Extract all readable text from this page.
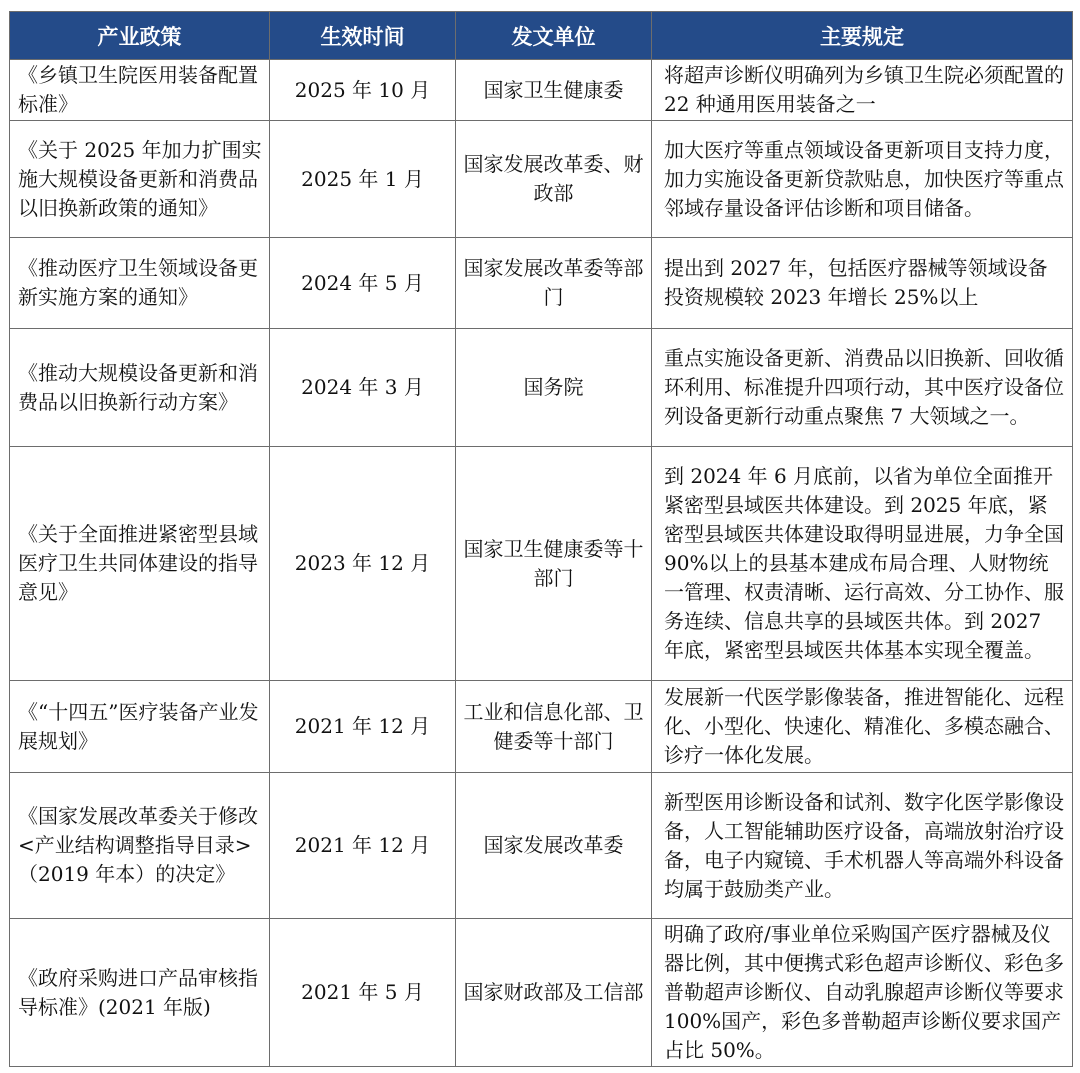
产业政策	生效时间	发文单位	主要规定
《乡镇卫生院医用装备配置标准》	2025 年 10 月	国家卫生健康委	将超声诊断仪明确列为乡镇卫生院必须配置的 22 种通用医用装备之一
《关于 2025 年加力扩围实施大规模设备更新和消费品以旧换新政策的通知》	2025 年 1 月	国家发展改革委、财政部	加大医疗等重点领域设备更新项目支持力度，加力实施设备更新贷款贴息，加快医疗等重点邻域存量设备评估诊断和项目储备。
《推动医疗卫生领域设备更新实施方案的通知》	2024 年 5 月	国家发展改革委等部门	提出到 2027 年，包括医疗器械等领域设备投资规模较 2023 年增长 25%以上
《推动大规模设备更新和消费品以旧换新行动方案》	2024 年 3 月	国务院	重点实施设备更新、消费品以旧换新、回收循环利用、标准提升四项行动，其中医疗设备位列设备更新行动重点聚焦 7 大领域之一。
《关于全面推进紧密型县域医疗卫生共同体建设的指导意见》	2023 年 12 月	国家卫生健康委等十部门	到 2024 年 6 月底前，以省为单位全面推开紧密型县域医共体建设。到 2025 年底，紧密型县域医共体建设取得明显进展，力争全国 90%以上的县基本建成布局合理、人财物统一管理、权责清晰、运行高效、分工协作、服务连续、信息共享的县域医共体。到 2027 年底，紧密型县域医共体基本实现全覆盖。
《“十四五”医疗装备产业发展规划》	2021 年 12 月	工业和信息化部、卫健委等十部门	发展新一代医学影像装备，推进智能化、远程化、小型化、快速化、精准化、多模态融合、诊疗一体化发展。
《国家发展改革委关于修改<产业结构调整指导目录>（2019 年本）的决定》	2021 年 12 月	国家发展改革委	新型医用诊断设备和试剂、数字化医学影像设备，人工智能辅助医疗设备，高端放射治疗设备，电子内窥镜、手术机器人等高端外科设备均属于鼓励类产业。
《政府采购进口产品审核指导标准》(2021 年版)	2021 年 5 月	国家财政部及工信部	明确了政府/事业单位采购国产医疗器械及仪器比例，其中便携式彩色超声诊断仪、彩色多普勒超声诊断仪、自动乳腺超声诊断仪等要求 100%国产，彩色多普勒超声诊断仪要求国产占比 50%。
